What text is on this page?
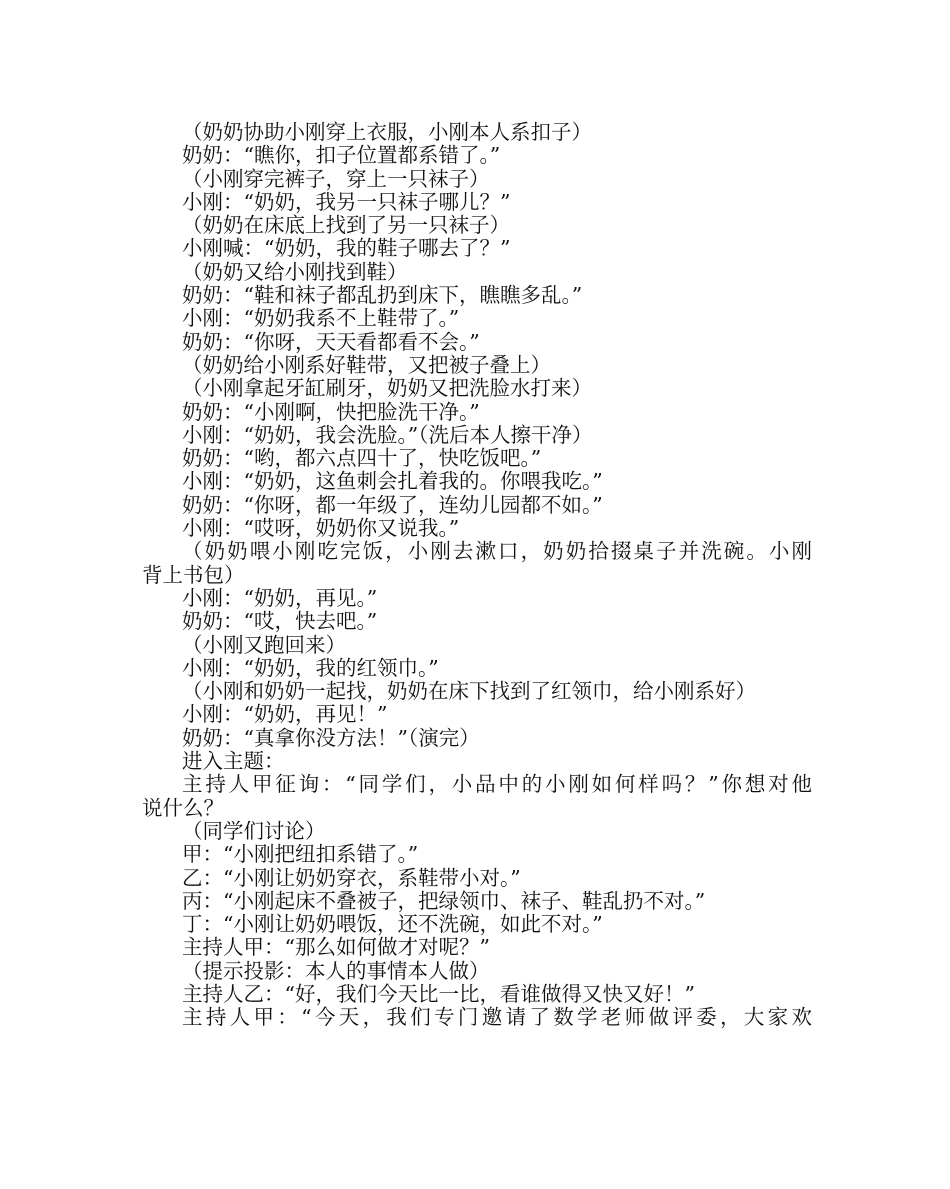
（奶奶协助小刚穿上衣服，小刚本人系扣子）

奶奶：“瞧你，扣子位置都系错了。”

（小刚穿完裤子，穿上一只袜子）

小刚：“奶奶，我另一只袜子哪儿？”

（奶奶在床底上找到了另一只袜子）

小刚喊：“奶奶，我的鞋子哪去了？”

（奶奶又给小刚找到鞋）

奶奶：“鞋和袜子都乱扔到床下，瞧瞧多乱。”

小刚：“奶奶我系不上鞋带了。”

奶奶：“你呀，天天看都看不会。”

（奶奶给小刚系好鞋带，又把被子叠上）

（小刚拿起牙缸刷牙，奶奶又把洗脸水打来）

奶奶：“小刚啊，快把脸洗干净。”

小刚：“奶奶，我会洗脸。”（洗后本人擦干净）

奶奶：“哟，都六点四十了，快吃饭吧。”

小刚：“奶奶，这鱼刺会扎着我的。你喂我吃。”

奶奶：“你呀，都一年级了，连幼儿园都不如。”

小刚：“哎呀，奶奶你又说我。”

（奶奶喂小刚吃完饭，小刚去漱口，奶奶拾掇桌子并洗碗。小刚

背上书包）

小刚：“奶奶，再见。”

奶奶：“哎，快去吧。”

（小刚又跑回来）

小刚：“奶奶，我的红领巾。”

（小刚和奶奶一起找，奶奶在床下找到了红领巾，给小刚系好）

小刚：“奶奶，再见！”

奶奶：“真拿你没方法！”（演完）

进入主题：

主持人甲征询：“同学们，小品中的小刚如何样吗？”你想对他

说什么？

（同学们讨论）

甲：“小刚把纽扣系错了。”

乙：“小刚让奶奶穿衣，系鞋带小对。”

丙：“小刚起床不叠被子，把绿领巾、袜子、鞋乱扔不对。”

丁：“小刚让奶奶喂饭，还不洗碗，如此不对。”

主持人甲：“那么如何做才对呢？”

（提示投影：本人的事情本人做）

主持人乙：“好，我们今天比一比，看谁做得又快又好！”

主持人甲：“今天，我们专门邀请了数学老师做评委，大家欢
